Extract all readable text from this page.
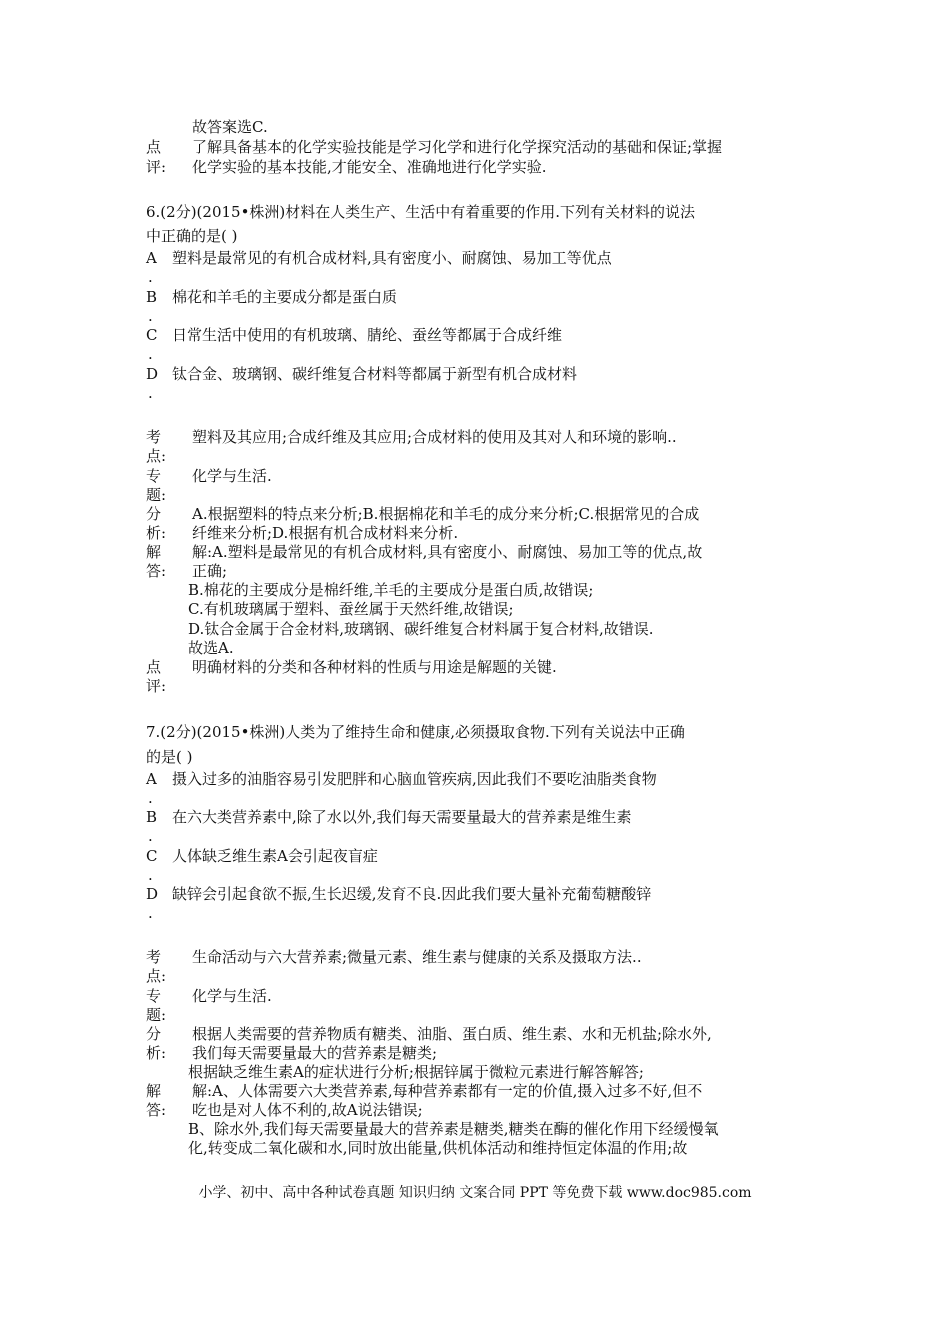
故答案选C.
点
评:
了解具备基本的化学实验技能是学习化学和进行化学探究活动的基础和保证;掌握
化学实验的基本技能,才能安全、准确地进行化学实验.
6.(2分)(2015•株洲)材料在人类生产、生活中有着重要的作用.下列有关材料的说法
中正确的是( )
A
.
塑料是最常见的有机合成材料,具有密度小、耐腐蚀、易加工等优点
B
.
棉花和羊毛的主要成分都是蛋白质
C
.
日常生活中使用的有机玻璃、腈纶、蚕丝等都属于合成纤维
D
.
钛合金、玻璃钢、碳纤维复合材料等都属于新型有机合成材料
考
点:
塑料及其应用;合成纤维及其应用;合成材料的使用及其对人和环境的影响..
专
题:
化学与生活.
分
析:
A.根据塑料的特点来分析;B.根据棉花和羊毛的成分来分析;C.根据常见的合成
纤维来分析;D.根据有机合成材料来分析.
解
答:
解:A.塑料是最常见的有机合成材料,具有密度小、耐腐蚀、易加工等的优点,故
正确;
B.棉花的主要成分是棉纤维,羊毛的主要成分是蛋白质,故错误;
C.有机玻璃属于塑料、蚕丝属于天然纤维,故错误;
D.钛合金属于合金材料,玻璃钢、碳纤维复合材料属于复合材料,故错误.
故选A.
点
评:
明确材料的分类和各种材料的性质与用途是解题的关键.
7.(2分)(2015•株洲)人类为了维持生命和健康,必须摄取食物.下列有关说法中正确
的是( )
A
.
摄入过多的油脂容易引发肥胖和心脑血管疾病,因此我们不要吃油脂类食物
B
.
在六大类营养素中,除了水以外,我们每天需要量最大的营养素是维生素
C
.
人体缺乏维生素A会引起夜盲症
D
.
缺锌会引起食欲不振,生长迟缓,发育不良.因此我们要大量补充葡萄糖酸锌
考
点:
生命活动与六大营养素;微量元素、维生素与健康的关系及摄取方法..
专
题:
化学与生活.
分
析:
根据人类需要的营养物质有糖类、油脂、蛋白质、维生素、水和无机盐;除水外,
我们每天需要量最大的营养素是糖类;
根据缺乏维生素A的症状进行分析;根据锌属于微粒元素进行解答解答;
解
答:
解:A、人体需要六大类营养素,每种营养素都有一定的价值,摄入过多不好,但不
吃也是对人体不利的,故A说法错误;
B、除水外,我们每天需要量最大的营养素是糖类,糖类在酶的催化作用下经缓慢氧
化,转变成二氧化碳和水,同时放出能量,供机体活动和维持恒定体温的作用;故
小学、初中、高中各种试卷真题 知识归纳 文案合同 PPT 等免费下载 www.doc985.com
